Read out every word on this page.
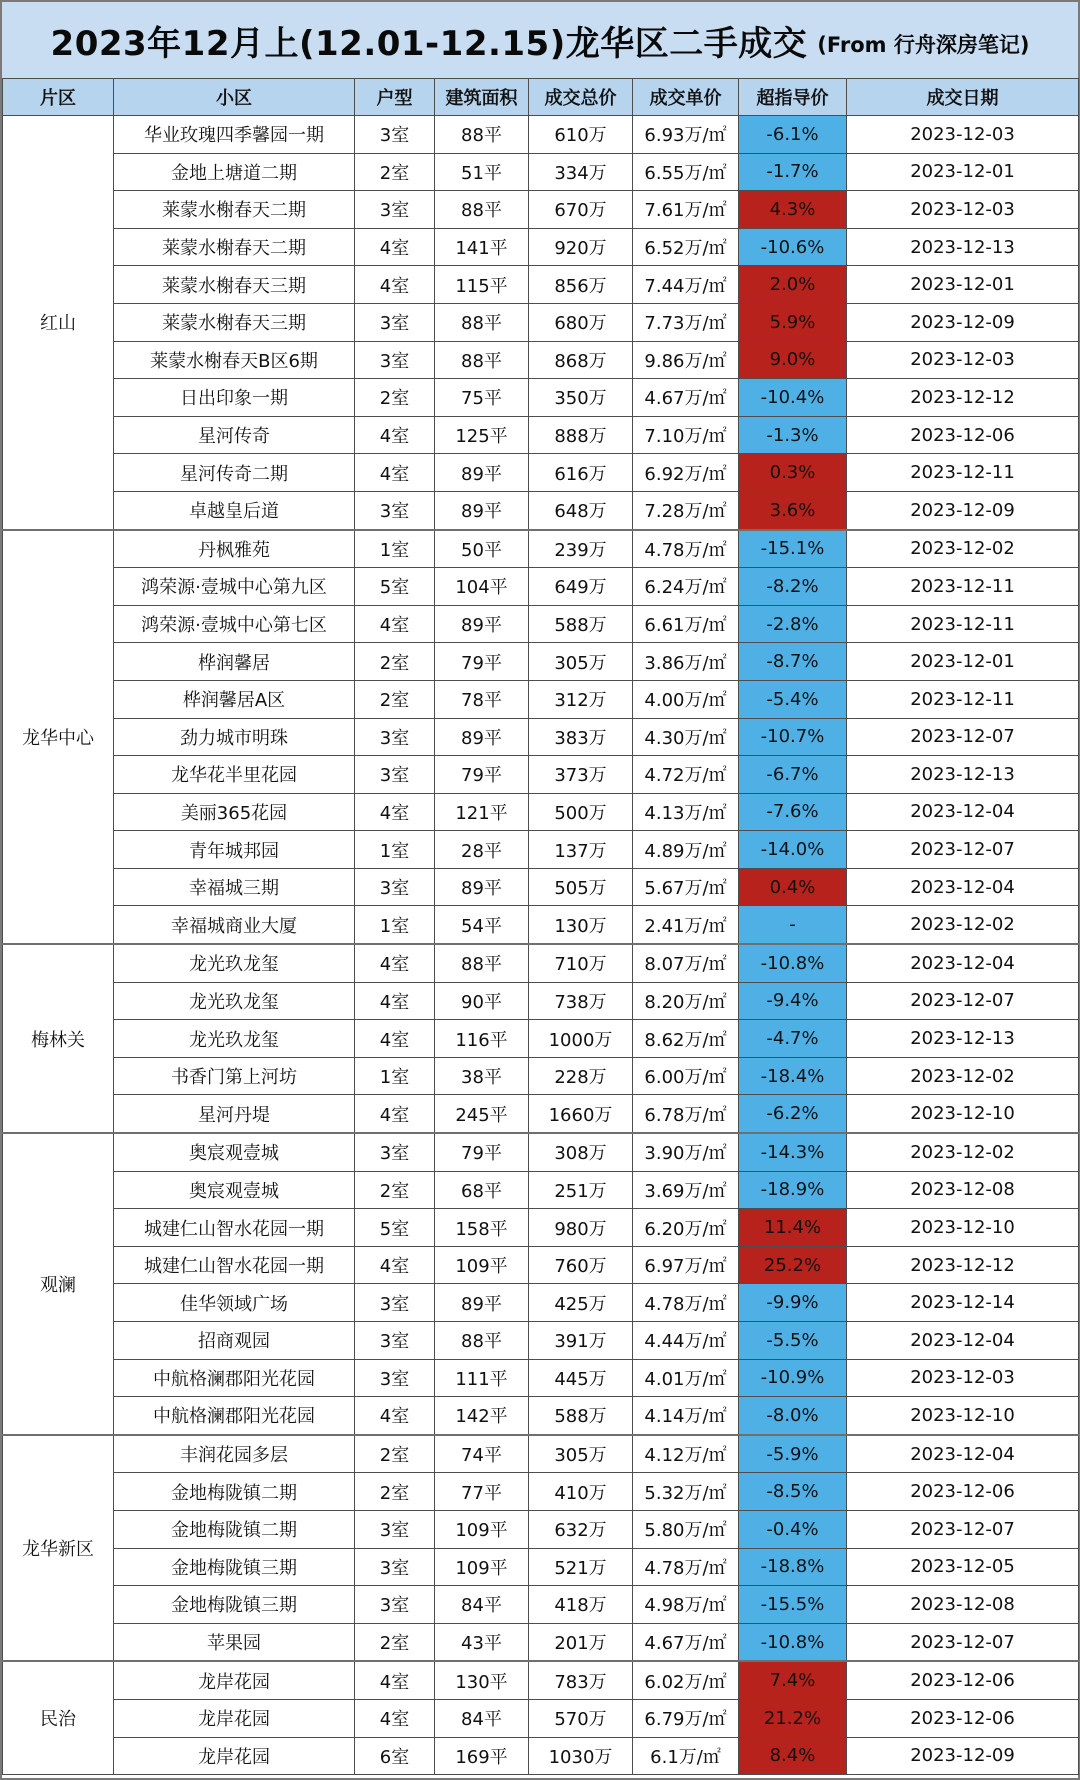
2023年12月上(12.01-12.15)龙华区二手成交 (From 行舟深房笔记)
片区	小区	户型	建筑面积	成交总价	成交单价	超指导价	成交日期
红山	华业玫瑰四季馨园一期	3室	88平	610万	6.93万/㎡	-6.1%	2023-12-03
	金地上塘道二期	2室	51平	334万	6.55万/㎡	-1.7%	2023-12-01
	莱蒙水榭春天二期	3室	88平	670万	7.61万/㎡	4.3%	2023-12-03
	莱蒙水榭春天二期	4室	141平	920万	6.52万/㎡	-10.6%	2023-12-13
	莱蒙水榭春天三期	4室	115平	856万	7.44万/㎡	2.0%	2023-12-01
	莱蒙水榭春天三期	3室	88平	680万	7.73万/㎡	5.9%	2023-12-09
	莱蒙水榭春天B区6期	3室	88平	868万	9.86万/㎡	9.0%	2023-12-03
	日出印象一期	2室	75平	350万	4.67万/㎡	-10.4%	2023-12-12
	星河传奇	4室	125平	888万	7.10万/㎡	-1.3%	2023-12-06
	星河传奇二期	4室	89平	616万	6.92万/㎡	0.3%	2023-12-11
	卓越皇后道	3室	89平	648万	7.28万/㎡	3.6%	2023-12-09
龙华中心	丹枫雅苑	1室	50平	239万	4.78万/㎡	-15.1%	2023-12-02
	鸿荣源·壹城中心第九区	5室	104平	649万	6.24万/㎡	-8.2%	2023-12-11
	鸿荣源·壹城中心第七区	4室	89平	588万	6.61万/㎡	-2.8%	2023-12-11
	桦润馨居	2室	79平	305万	3.86万/㎡	-8.7%	2023-12-01
	桦润馨居A区	2室	78平	312万	4.00万/㎡	-5.4%	2023-12-11
	劲力城市明珠	3室	89平	383万	4.30万/㎡	-10.7%	2023-12-07
	龙华花半里花园	3室	79平	373万	4.72万/㎡	-6.7%	2023-12-13
	美丽365花园	4室	121平	500万	4.13万/㎡	-7.6%	2023-12-04
	青年城邦园	1室	28平	137万	4.89万/㎡	-14.0%	2023-12-07
	幸福城三期	3室	89平	505万	5.67万/㎡	0.4%	2023-12-04
	幸福城商业大厦	1室	54平	130万	2.41万/㎡	-	2023-12-02
梅林关	龙光玖龙玺	4室	88平	710万	8.07万/㎡	-10.8%	2023-12-04
	龙光玖龙玺	4室	90平	738万	8.20万/㎡	-9.4%	2023-12-07
	龙光玖龙玺	4室	116平	1000万	8.62万/㎡	-4.7%	2023-12-13
	书香门第上河坊	1室	38平	228万	6.00万/㎡	-18.4%	2023-12-02
	星河丹堤	4室	245平	1660万	6.78万/㎡	-6.2%	2023-12-10
观澜	奥宸观壹城	3室	79平	308万	3.90万/㎡	-14.3%	2023-12-02
	奥宸观壹城	2室	68平	251万	3.69万/㎡	-18.9%	2023-12-08
	城建仁山智水花园一期	5室	158平	980万	6.20万/㎡	11.4%	2023-12-10
	城建仁山智水花园一期	4室	109平	760万	6.97万/㎡	25.2%	2023-12-12
	佳华领域广场	3室	89平	425万	4.78万/㎡	-9.9%	2023-12-14
	招商观园	3室	88平	391万	4.44万/㎡	-5.5%	2023-12-04
	中航格澜郡阳光花园	3室	111平	445万	4.01万/㎡	-10.9%	2023-12-03
	中航格澜郡阳光花园	4室	142平	588万	4.14万/㎡	-8.0%	2023-12-10
龙华新区	丰润花园多层	2室	74平	305万	4.12万/㎡	-5.9%	2023-12-04
	金地梅陇镇二期	2室	77平	410万	5.32万/㎡	-8.5%	2023-12-06
	金地梅陇镇二期	3室	109平	632万	5.80万/㎡	-0.4%	2023-12-07
	金地梅陇镇三期	3室	109平	521万	4.78万/㎡	-18.8%	2023-12-05
	金地梅陇镇三期	3室	84平	418万	4.98万/㎡	-15.5%	2023-12-08
	苹果园	2室	43平	201万	4.67万/㎡	-10.8%	2023-12-07
民治	龙岸花园	4室	130平	783万	6.02万/㎡	7.4%	2023-12-06
	龙岸花园	4室	84平	570万	6.79万/㎡	21.2%	2023-12-06
	龙岸花园	6室	169平	1030万	6.1万/㎡	8.4%	2023-12-09
